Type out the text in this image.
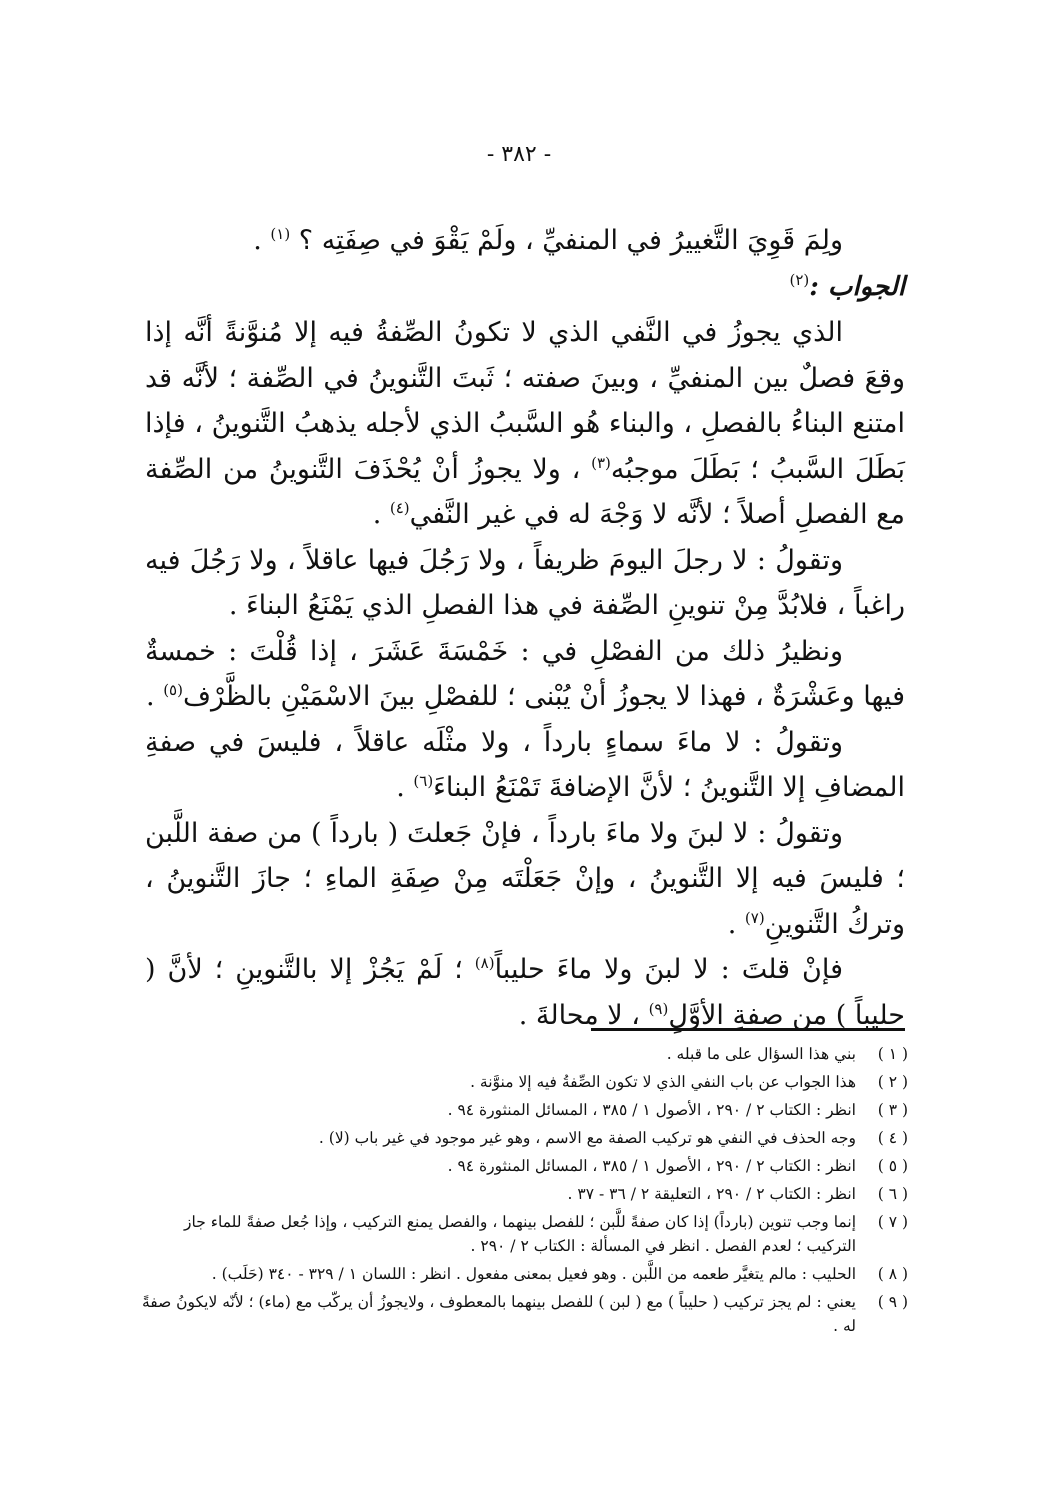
- ٣٨٢ -

ولِمَ قَوِيَ التَّغييرُ في المنفيِّ ، ولَمْ يَقْوَ في صِفَتِه ؟ $^{(١)}$ .

الجواب :$^{(٢)}$

الذي يجوزُ في النَّفي الذي لا تكونُ الصِّفةُ فيه إلا مُنوَّنةً أنَّه إذا وقعَ فصلٌ بين المنفيِّ ، وبينَ صفته ؛ ثَبتَ التَّنوينُ في الصِّفة ؛ لأنَّه قد امتنع البناءُ بالفصلِ ، والبناء هُو السَّببُ الذي لأجله يذهبُ التَّنوينُ ، فإذا بَطَلَ السَّببُ ؛ بَطَلَ موجبُه$^{(٣)}$ ، ولا يجوزُ أنْ يُحْذَفَ التَّنوينُ من الصِّفة مع الفصلِ أصلاً ؛ لأنَّه لا وَجْهَ له في غير النَّفي$^{(٤)}$ .

وتقولُ : لا رجلَ اليومَ ظريفاً ، ولا رَجُلَ فيها عاقلاً ، ولا رَجُلَ فيه راغباً ، فلابُدَّ مِنْ تنوينِ الصِّفة في هذا الفصلِ الذي يَمْنَعُ البناءَ .

ونظيرُ ذلك من الفصْلِ في : خَمْسَةَ عَشَرَ ، إذا قُلْتَ : خمسةٌ فيها وعَشْرَةٌ ، فهذا لا يجوزُ أنْ يُبْنى ؛ للفصْلِ بينَ الاسْمَيْنِ بالظَّرْف$^{(٥)}$ .

وتقولُ : لا ماءَ سماءٍ بارداً ، ولا مثْلَه عاقلاً ، فليسَ في صفةِ المضافِ إلا التَّنوينُ ؛ لأنَّ الإضافةَ تَمْنَعُ البناءَ$^{(٦)}$ .

وتقولُ : لا لبنَ ولا ماءَ بارداً ، فإنْ جَعلتَ ( بارداً ) من صفة اللَّبن ؛ فليسَ فيه إلا التَّنوينُ ، وإنْ جَعَلْتَه مِنْ صِفَةِ الماءِ ؛ جازَ التَّنوينُ ، وتركُ التَّنوينِ$^{(٧)}$ .

فإنْ قلتَ : لا لبنَ ولا ماءَ حليباً$^{(٨)}$ ؛ لَمْ يَجُزْ إلا بالتَّنوينِ ؛ لأنَّ ( حليباً ) من صفةِ الأوَّلِ$^{(٩)}$ ، لا محالةَ .

( ١ )
بني هذا السؤال على ما قبله .
( ٢ )
هذا الجواب عن باب النفي الذي لا تكون الصِّفةُ فيه إلا منوَّنة .
( ٣ )
انظر : الكتاب ٢ / ٢٩٠ ، الأصول ١ / ٣٨٥ ، المسائل المنثورة ٩٤ .
( ٤ )
وجه الحذف في النفي هو تركيب الصفة مع الاسم ، وهو غير موجود في غير باب (لا) .
( ٥ )
انظر : الكتاب ٢ / ٢٩٠ ، الأصول ١ / ٣٨٥ ، المسائل المنثورة ٩٤ .
( ٦ )
انظر : الكتاب ٢ / ٢٩٠ ، التعليقة ٢ / ٣٦ - ٣٧ .
( ٧ )
إنما وجب تنوين (بارداً) إذا كان صفةً للَّبن ؛ للفصل بينهما ، والفصل يمنع التركيب ، وإذا جُعل صفةً للماء جاز التركيب ؛ لعدم الفصل . انظر في المسألة : الكتاب ٢ / ٢٩٠ .
( ٨ )
الحليب : مالم يتغيَّر طعمه من اللَّبن . وهو فعيل بمعنى مفعول . انظر : اللسان ١ / ٣٢٩ - ٣٤٠ (حَلَب) .
( ٩ )
يعني : لم يجز تركيب ( حليباً ) مع ( لبن ) للفصل بينهما بالمعطوف ، ولايجوزُ أن يركّب مع (ماء) ؛ لأنّه لايكونُ صفةً له .
